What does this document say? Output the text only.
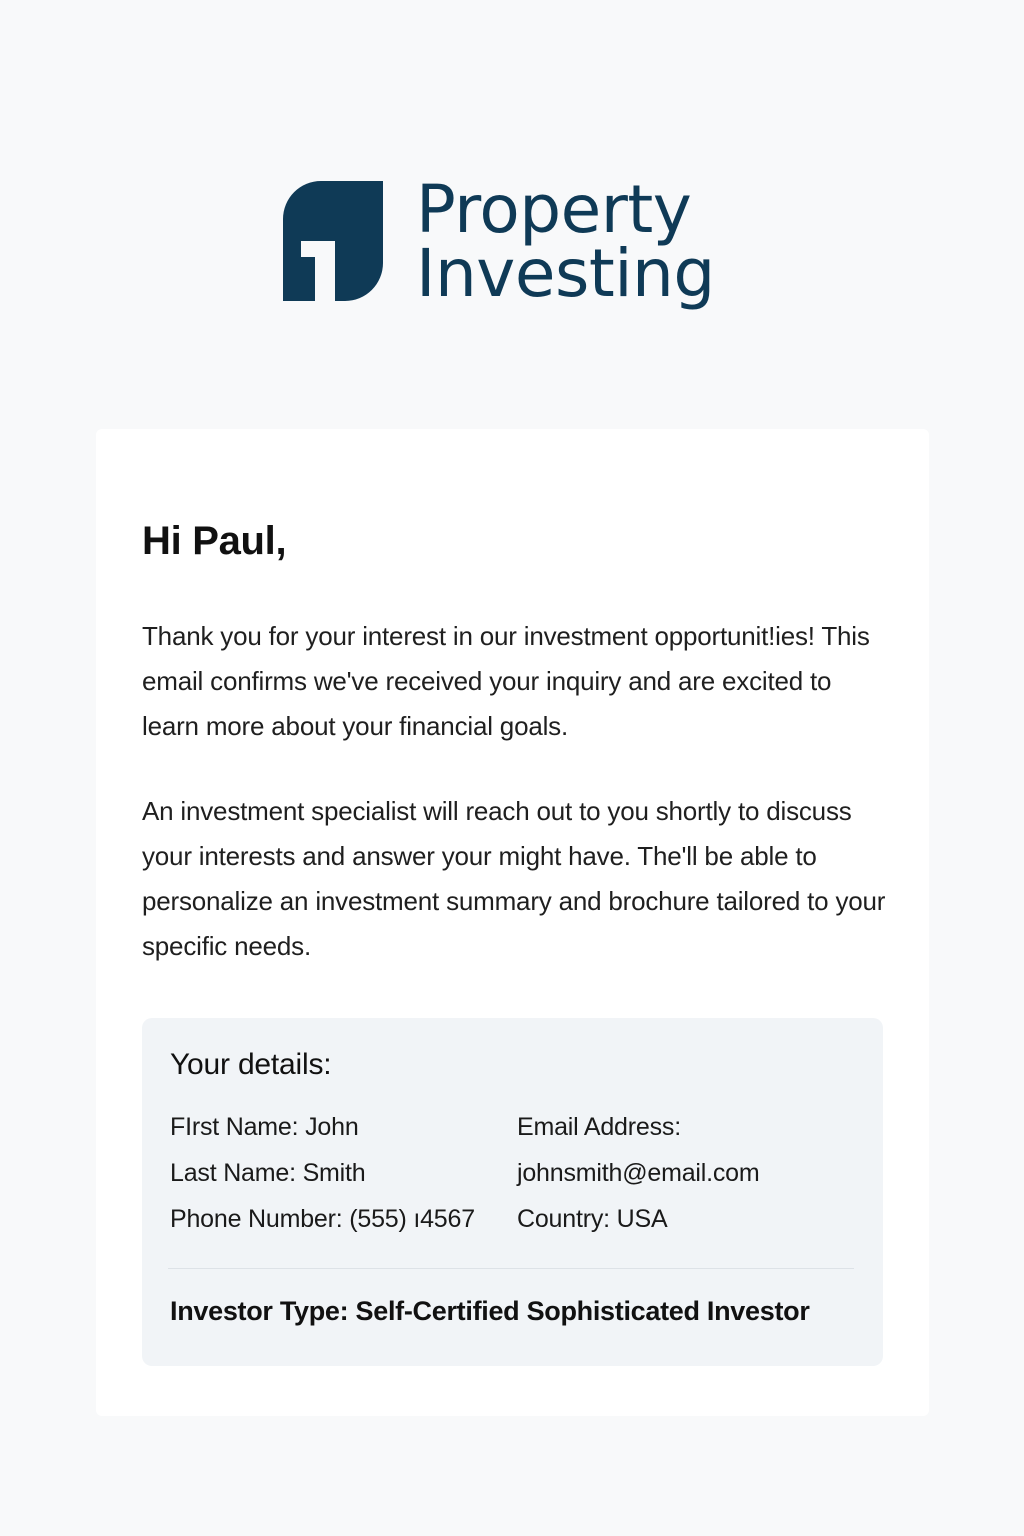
Property
Investing
Hi Paul,

Thank you for your interest in our investment opportunit!ies! This email confirms we've received your inquiry and are excited to learn more about your financial goals.

An investment specialist will reach out to you shortly to discuss your interests and answer your might have. The'll be able to personalize an investment summary and brochure tailored to your specific needs.

Your details:
FIrst Name: John
Last Name: Smith
Phone Number: (555) ı4567
Email Address:
johnsmith@email.com
Country: USA

Investor Type: Self-Certified Sophisticated Investor
